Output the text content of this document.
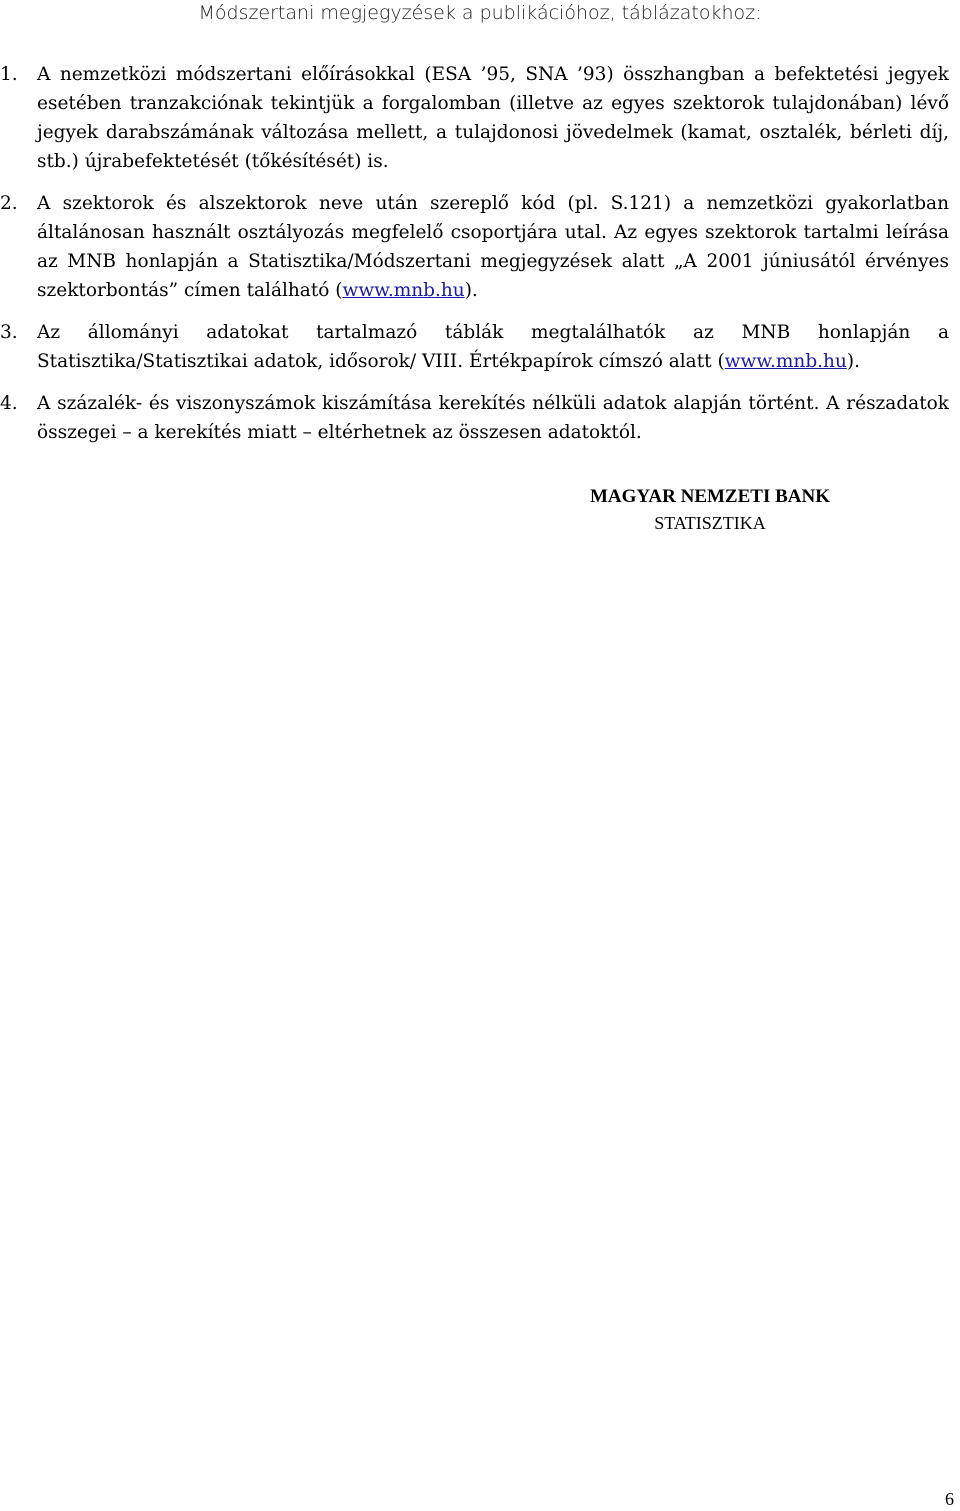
Módszertani megjegyzések a publikációhoz, táblázatokhoz:
1.	A nemzetközi módszertani előírásokkal (ESA ’95, SNA ’93) összhangban a befektetési jegyek esetében tranzakciónak tekintjük a forgalomban (illetve az egyes szektorok tulajdonában) lévő jegyek darabszámának változása mellett, a tulajdonosi jövedelmek (kamat, osztalék, bérleti díj, stb.) újrabefektetését (tőkésítését) is.
2.	A szektorok és alszektorok neve után szereplő kód (pl. S.121) a nemzetközi gyakorlatban általánosan használt osztályozás megfelelő csoportjára utal. Az egyes szektorok tartalmi leírása az MNB honlapján a Statisztika/Módszertani megjegyzések alatt „A 2001 júniusától érvényes szektorbontás” címen található (www.mnb.hu).
3.	Az állományi adatokat tartalmazó táblák megtalálhatók az MNB honlapján a Statisztika/Statisztikai adatok, idősorok/ VIII. Értékpapírok címszó alatt (www.mnb.hu).
4.	A százalék- és viszonyszámok kiszámítása kerekítés nélküli adatok alapján történt. A részadatok összegei – a kerekítés miatt – eltérhetnek az összesen adatoktól.
MAGYAR NEMZETI BANK
STATISZTIKA
6
